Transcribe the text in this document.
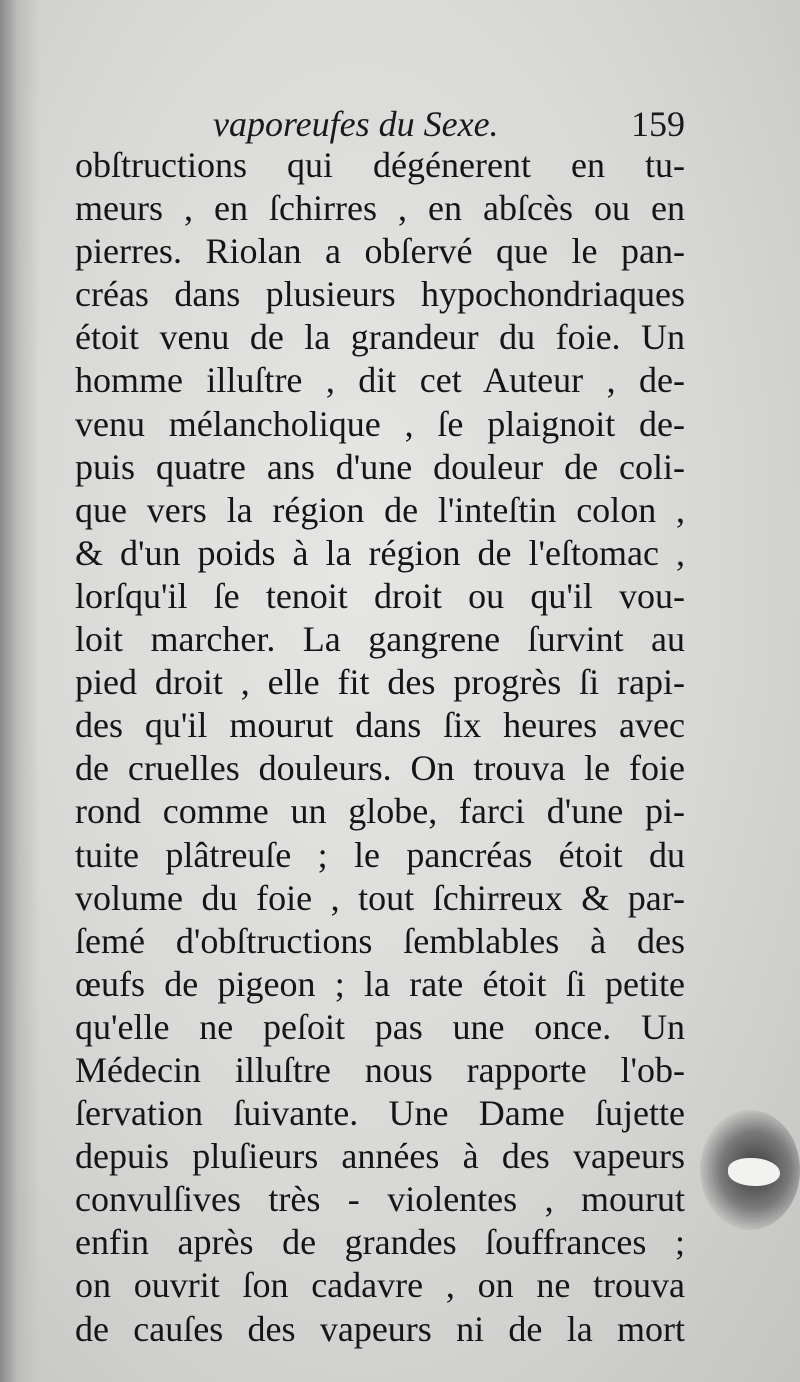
vaporeufes du Sexe.	159
obſtructions qui dégénerent en tu-
meurs , en ſchirres , en abſcès ou en
pierres. Riolan a obſervé que le pan-
créas dans plusieurs hypochondriaques
étoit venu de la grandeur du foie. Un
homme illuſtre , dit cet Auteur , de-
venu mélancholique , ſe plaignoit de-
puis quatre ans d'une douleur de coli-
que vers la région de l'inteſtin colon ,
& d'un poids à la région de l'eſtomac ,
lorſqu'il ſe tenoit droit ou qu'il vou-
loit marcher. La gangrene ſurvint au
pied droit , elle fit des progrès ſi rapi-
des qu'il mourut dans ſix heures avec
de cruelles douleurs. On trouva le foie
rond comme un globe, farci d'une pi-
tuite plâtreuſe ; le pancréas étoit du
volume du foie , tout ſchirreux & par-
ſemé d'obſtructions ſemblables à des
œufs de pigeon ; la rate étoit ſi petite
qu'elle ne peſoit pas une once. Un
Médecin illuſtre nous rapporte l'ob-
ſervation ſuivante. Une Dame ſujette
depuis pluſieurs années à des vapeurs
convulſives très - violentes , mourut
enfin après de grandes ſouffrances ;
on ouvrit ſon cadavre , on ne trouva
de cauſes des vapeurs ni de la mort
